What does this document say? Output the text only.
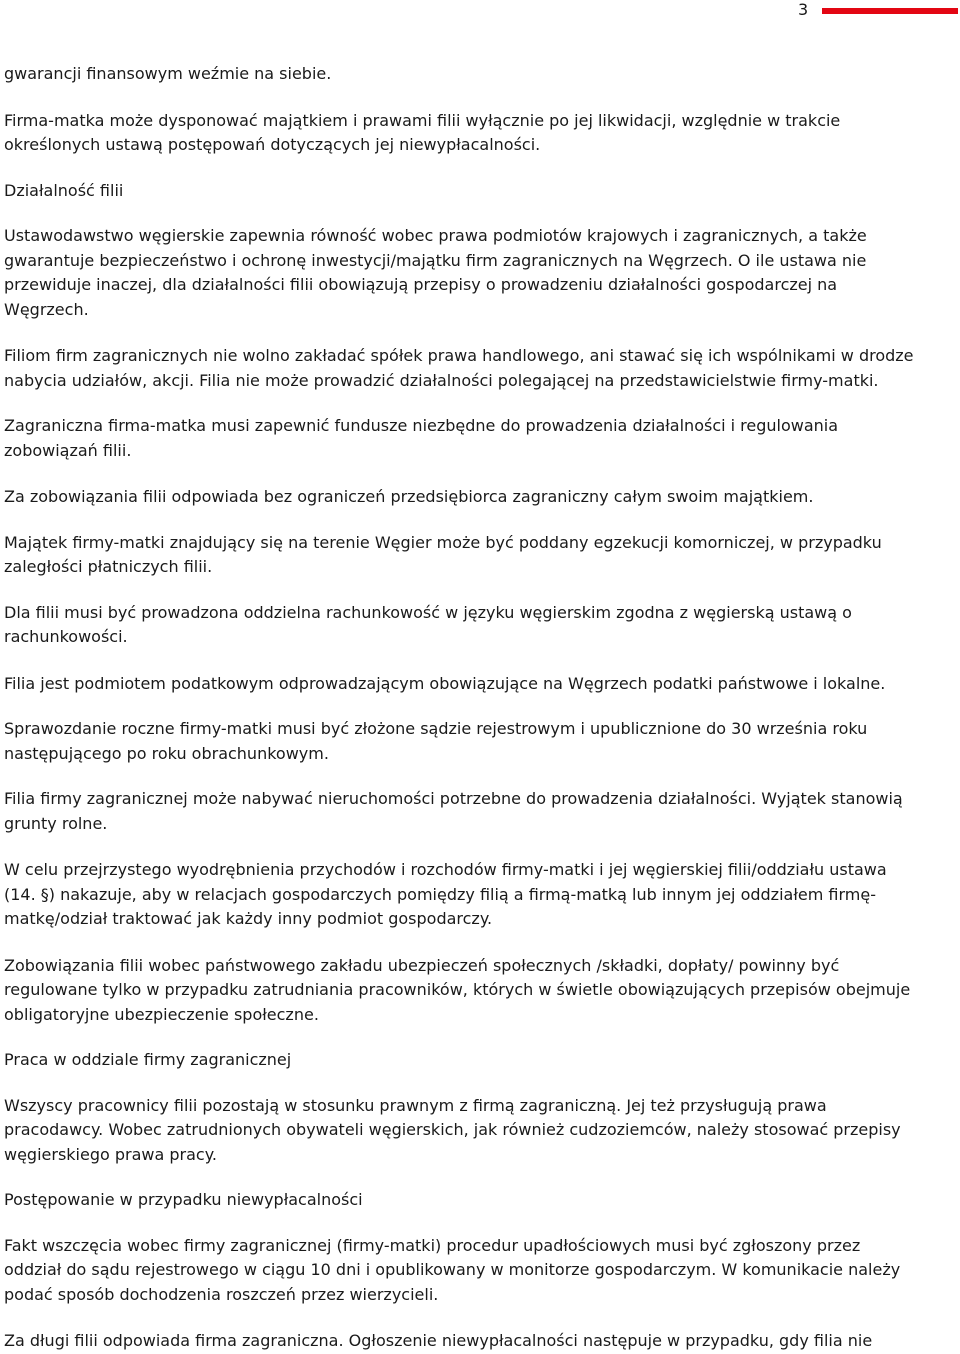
3

gwarancji finansowym weźmie na siebie.

Firma-matka może dysponować majątkiem i prawami filii wyłącznie po jej likwidacji, względnie w trakcie
określonych ustawą postępowań dotyczących jej niewypłacalności.

Działalność filii

Ustawodawstwo węgierskie zapewnia równość wobec prawa podmiotów krajowych i zagranicznych, a także
gwarantuje bezpieczeństwo i ochronę inwestycji/majątku firm zagranicznych na Węgrzech. O ile ustawa nie
przewiduje inaczej, dla działalności filii obowiązują przepisy o prowadzeniu działalności gospodarczej na
Węgrzech.

Filiom firm zagranicznych nie wolno zakładać spółek prawa handlowego, ani stawać się ich wspólnikami w drodze
nabycia udziałów, akcji. Filia nie może prowadzić działalności polegającej na przedstawicielstwie firmy-matki.

Zagraniczna firma-matka musi zapewnić fundusze niezbędne do prowadzenia działalności i regulowania
zobowiązań filii.

Za zobowiązania filii odpowiada bez ograniczeń przedsiębiorca zagraniczny całym swoim majątkiem.

Majątek firmy-matki znajdujący się na terenie Węgier może być poddany egzekucji komorniczej, w przypadku
zaległości płatniczych filii.

Dla filii musi być prowadzona oddzielna rachunkowość w języku węgierskim zgodna z węgierską ustawą o
rachunkowości.

Filia jest podmiotem podatkowym odprowadzającym obowiązujące na Węgrzech podatki państwowe i lokalne.

Sprawozdanie roczne firmy-matki musi być złożone sądzie rejestrowym i upublicznione do 30 września roku
następującego po roku obrachunkowym.

Filia firmy zagranicznej może nabywać nieruchomości potrzebne do prowadzenia działalności. Wyjątek stanowią
grunty rolne.

W celu przejrzystego wyodrębnienia przychodów i rozchodów firmy-matki i jej węgierskiej filii/oddziału ustawa
(14. §) nakazuje, aby w relacjach gospodarczych pomiędzy filią a firmą-matką lub innym jej oddziałem firmę-
matkę/odział traktować jak każdy inny podmiot gospodarczy.

Zobowiązania filii wobec państwowego zakładu ubezpieczeń społecznych /składki, dopłaty/ powinny być
regulowane tylko w przypadku zatrudniania pracowników, których w świetle obowiązujących przepisów obejmuje
obligatoryjne ubezpieczenie społeczne.

Praca w oddziale firmy zagranicznej

Wszyscy pracownicy filii pozostają w stosunku prawnym z firmą zagraniczną. Jej też przysługują prawa
pracodawcy. Wobec zatrudnionych obywateli węgierskich, jak również cudzoziemców, należy stosować przepisy
węgierskiego prawa pracy.

Postępowanie w przypadku niewypłacalności

Fakt wszczęcia wobec firmy zagranicznej (firmy-matki) procedur upadłościowych musi być zgłoszony przez
oddział do sądu rejestrowego w ciągu 10 dni i opublikowany w monitorze gospodarczym. W komunikacie należy
podać sposób dochodzenia roszczeń przez wierzycieli.

Za długi filii odpowiada firma zagraniczna. Ogłoszenie niewypłacalności następuje w przypadku, gdy filia nie
